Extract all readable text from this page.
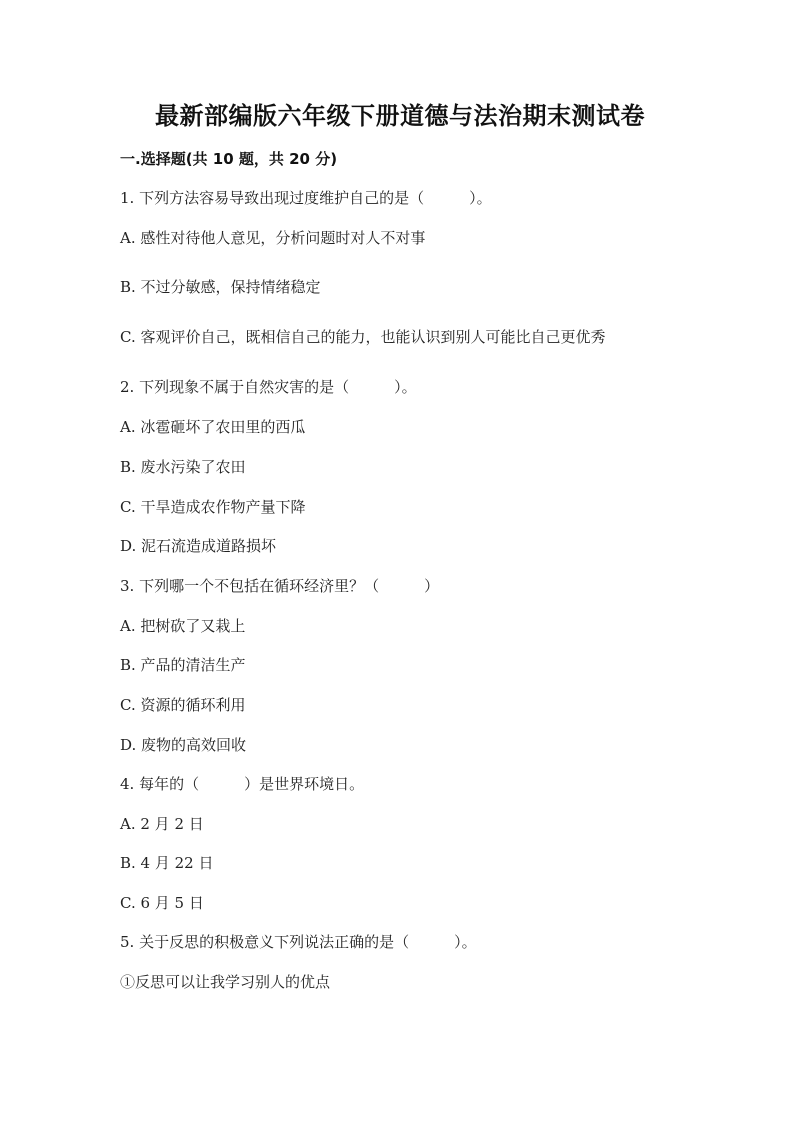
最新部编版六年级下册道德与法治期末测试卷
一.选择题(共 10 题，共 20 分)
1. 下列方法容易导致出现过度维护自己的是（　　　）。
A. 感性对待他人意见，分析问题时对人不对事
B. 不过分敏感，保持情绪稳定
C. 客观评价自己，既相信自己的能力，也能认识到别人可能比自己更优秀
2. 下列现象不属于自然灾害的是（　　　）。
A. 冰雹砸坏了农田里的西瓜
B. 废水污染了农田
C. 干旱造成农作物产量下降
D. 泥石流造成道路损坏
3. 下列哪一个不包括在循环经济里？（　　　）
A. 把树砍了又栽上
B. 产品的清洁生产
C. 资源的循环利用
D. 废物的高效回收
4. 每年的（　　　）是世界环境日。
A. 2 月 2 日
B. 4 月 22 日
C. 6 月 5 日
5. 关于反思的积极意义下列说法正确的是（　　　）。
①反思可以让我学习别人的优点
